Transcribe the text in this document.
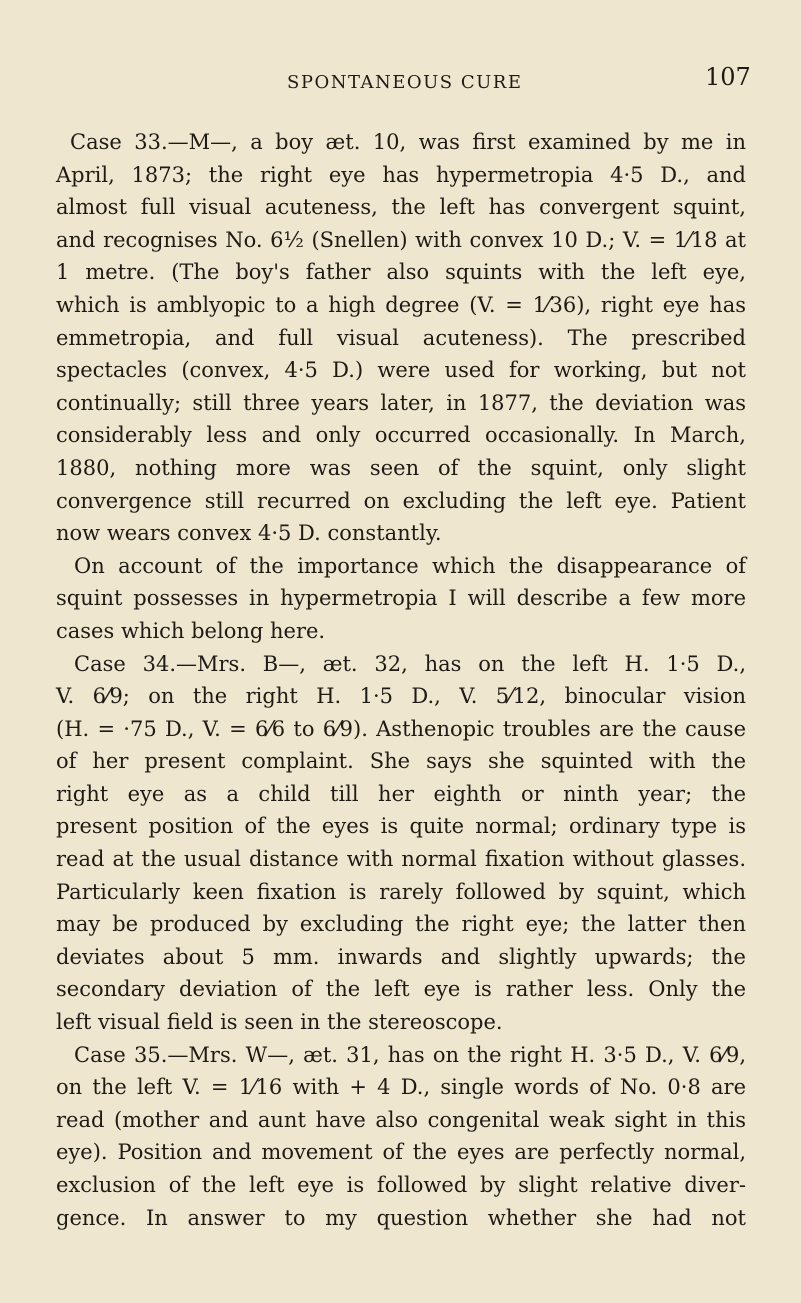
SPONTANEOUS CURE	107
Case 33.—M—, a boy æt. 10, was first examined by me in
April, 1873; the right eye has hypermetropia 4·5 D., and
almost full visual acuteness, the left has convergent squint,
and recognises No. 6½ (Snellen) with convex 10 D.; V. = 1⁄18 at
1 metre. (The boy's father also squints with the left eye,
which is amblyopic to a high degree (V. = 1⁄36), right eye has
emmetropia, and full visual acuteness). The prescribed
spectacles (convex, 4·5 D.) were used for working, but not
continually; still three years later, in 1877, the deviation was
considerably less and only occurred occasionally. In March,
1880, nothing more was seen of the squint, only slight
convergence still recurred on excluding the left eye. Patient
now wears convex 4·5 D. constantly.
On account of the importance which the disappearance of
squint possesses in hypermetropia I will describe a few more
cases which belong here.
Case 34.—Mrs. B—, æt. 32, has on the left H. 1·5 D.,
V. 6⁄9; on the right H. 1·5 D., V. 5⁄12, binocular vision
(H. = ·75 D., V. = 6⁄6 to 6⁄9). Asthenopic troubles are the cause
of her present complaint. She says she squinted with the
right eye as a child till her eighth or ninth year; the
present position of the eyes is quite normal; ordinary type is
read at the usual distance with normal fixation without glasses.
Particularly keen fixation is rarely followed by squint, which
may be produced by excluding the right eye; the latter then
deviates about 5 mm. inwards and slightly upwards; the
secondary deviation of the left eye is rather less. Only the
left visual field is seen in the stereoscope.
Case 35.—Mrs. W—, æt. 31, has on the right H. 3·5 D., V. 6⁄9,
on the left V. = 1⁄16 with + 4 D., single words of No. 0·8 are
read (mother and aunt have also congenital weak sight in this
eye). Position and movement of the eyes are perfectly normal,
exclusion of the left eye is followed by slight relative diver-
gence. In answer to my question whether she had not
